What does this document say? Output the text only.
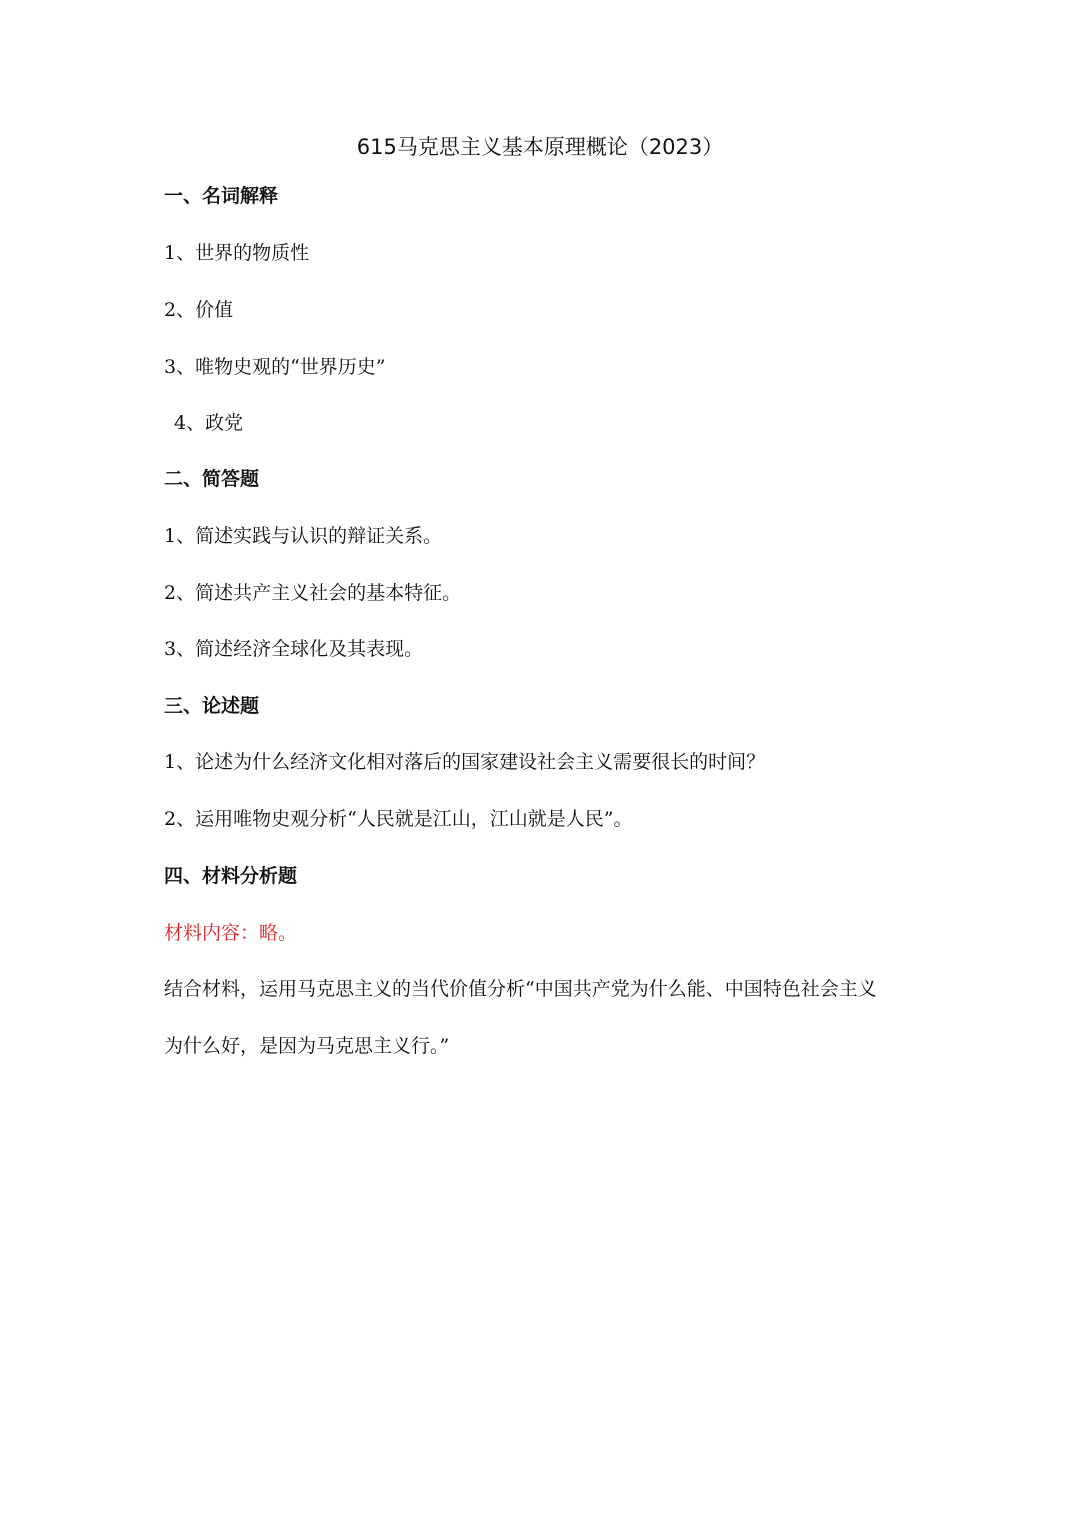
615马克思主义基本原理概论（2023）
一、名词解释
1、世界的物质性
2、价值
3、唯物史观的“世界历史”
4、政党
二、简答题
1、简述实践与认识的辩证关系。
2、简述共产主义社会的基本特征。
3、简述经济全球化及其表现。
三、论述题
1、论述为什么经济文化相对落后的国家建设社会主义需要很长的时间？
2、运用唯物史观分析“人民就是江山，江山就是人民”。
四、材料分析题
材料内容：略。
结合材料，运用马克思主义的当代价值分析“中国共产党为什么能、中国特色社会主义
为什么好，是因为马克思主义行。”
